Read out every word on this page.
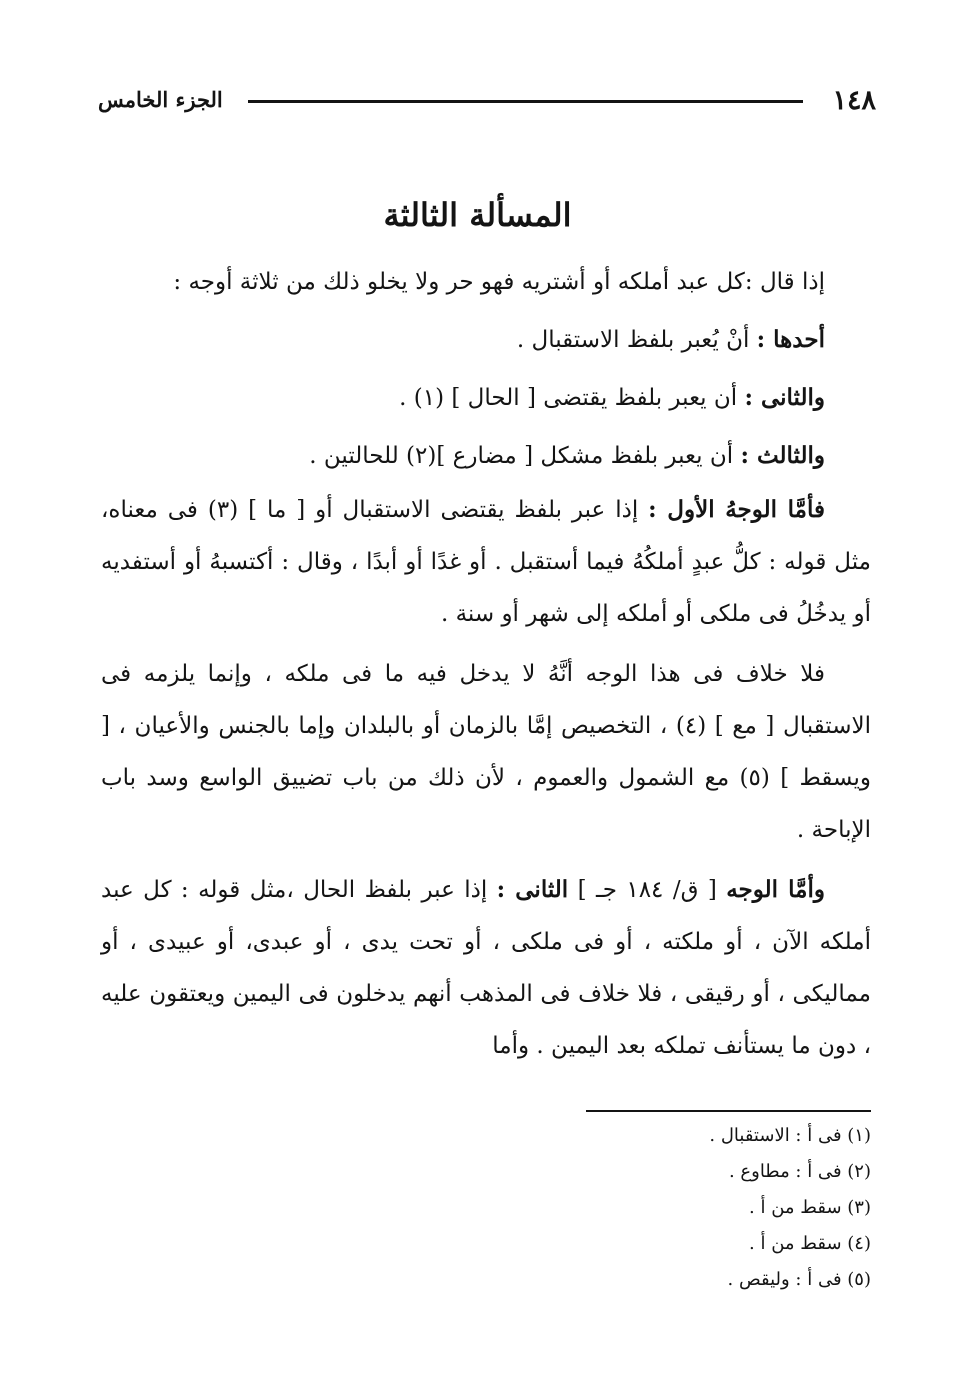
١٤٨
الجزء الخامس
المسألة الثالثة

إذا قال :كل عبد أملكه أو أشتريه فهو حر ولا يخلو ذلك من ثلاثة أوجه :

أحدها : أنْ يُعبر بلفظ الاستقبال .

والثانى : أن يعبر بلفظ يقتضى [ الحال ] (١) .

والثالث : أن يعبر بلفظ مشكل [ مضارع ](٢) للحالتين .

فأمَّا الوجهُ الأول : إذا عبر بلفظ يقتضى الاستقبال أو [ ما ] (٣) فى معناه، مثل قوله : كلُّ عبدٍ أملكُهُ فيما أستقبل . أو غدًا أو أبدًا ، وقال : أكتسبهُ أو أستفديه أو يدخُلُ فى ملكى أو أملكه إلى شهر أو سنة .

فلا خلاف فى هذا الوجه أنَّهُ لا يدخل فيه ما فى ملكه ، وإنما يلزمه فى الاستقبال [ مع ] (٤) ، التخصيص إمَّا بالزمان أو بالبلدان وإما بالجنس والأعيان ، [ ويسقط ] (٥) مع الشمول والعموم ، لأن ذلك من باب تضييق الواسع وسد باب الإباحة .

وأمَّا الوجه [ ق/ ١٨٤ جـ ] الثانى : إذا عبر بلفظ الحال ،مثل قوله : كل عبد أملكه الآن ، أو ملكته ، أو فى ملكى ، أو تحت يدى ، أو عبدى، أو عبيدى ، أو مماليكى ، أو رقيقى ، فلا خلاف فى المذهب أنهم يدخلون فى اليمين ويعتقون عليه ، دون ما يستأنف تملكه بعد اليمين . وأما

(١) فى أ : الاستقبال .
(٢) فى أ : مطاوع .
(٣) سقط من أ .
(٤) سقط من أ .
(٥) فى أ : وليقص .
